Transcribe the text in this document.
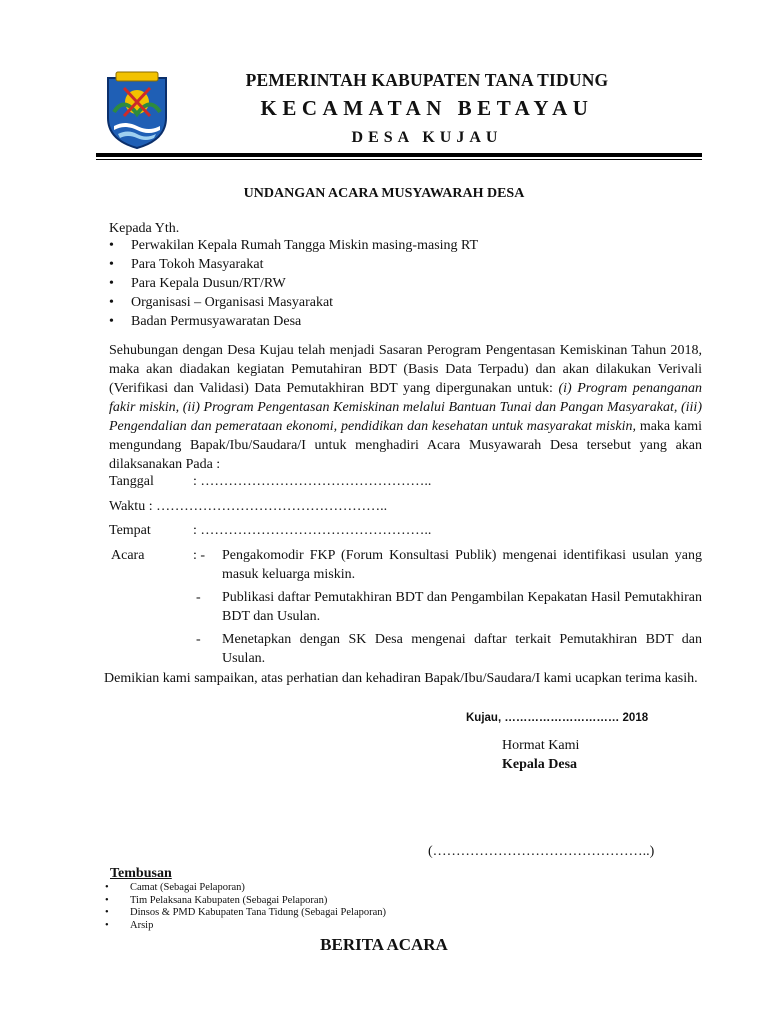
PEMERINTAH KABUPATEN TANA TIDUNG
KECAMATAN BETAYAU
DESA KUJAU
UNDANGAN ACARA MUSYAWARAH DESA
Kepada Yth.
• Perwakilan Kepala Rumah Tangga Miskin masing-masing RT
• Para Tokoh Masyarakat
• Para Kepala Dusun/RT/RW
• Organisasi – Organisasi Masyarakat
• Badan Permusyawaratan Desa
Sehubungan dengan Desa Kujau telah menjadi Sasaran Perogram Pengentasan Kemiskinan Tahun 2018, maka akan diadakan kegiatan Pemutahiran BDT (Basis Data Terpadu) dan akan dilakukan Verivali (Verifikasi dan Validasi) Data Pemutakhiran BDT yang dipergunakan untuk: (i) Program penanganan fakir miskin, (ii) Program Pengentasan Kemiskinan melalui Bantuan Tunai dan Pangan Masyarakat, (iii) Pengendalian dan pemerataan ekonomi, pendidikan dan kesehatan untuk masyarakat miskin, maka kami mengundang Bapak/Ibu/Saudara/I untuk menghadiri Acara Musyawarah Desa tersebut yang akan dilaksanakan Pada :
Tanggal	: …………………………………………..
Waktu : …………………………………………..
Tempat	: …………………………………………..
Acara	: -	Pengakomodir FKP (Forum Konsultasi Publik) mengenai identifikasi usulan yang masuk keluarga miskin.
- Publikasi daftar Pemutakhiran BDT dan Pengambilan Kepakatan Hasil Pemutakhiran BDT dan Usulan.
- Menetapkan dengan SK Desa mengenai daftar terkait Pemutakhiran BDT dan Usulan.
Demikian kami sampaikan, atas perhatian dan kehadiran Bapak/Ibu/Saudara/I kami ucapkan terima kasih.
Kujau, ………………………… 2018
Hormat Kami
Kepala Desa
(………………………………………..)
Tembusan
• Camat (Sebagai Pelaporan)
• Tim Pelaksana Kabupaten (Sebagai Pelaporan)
• Dinsos & PMD Kabupaten Tana Tidung (Sebagai Pelaporan)
• Arsip
BERITA ACARA
